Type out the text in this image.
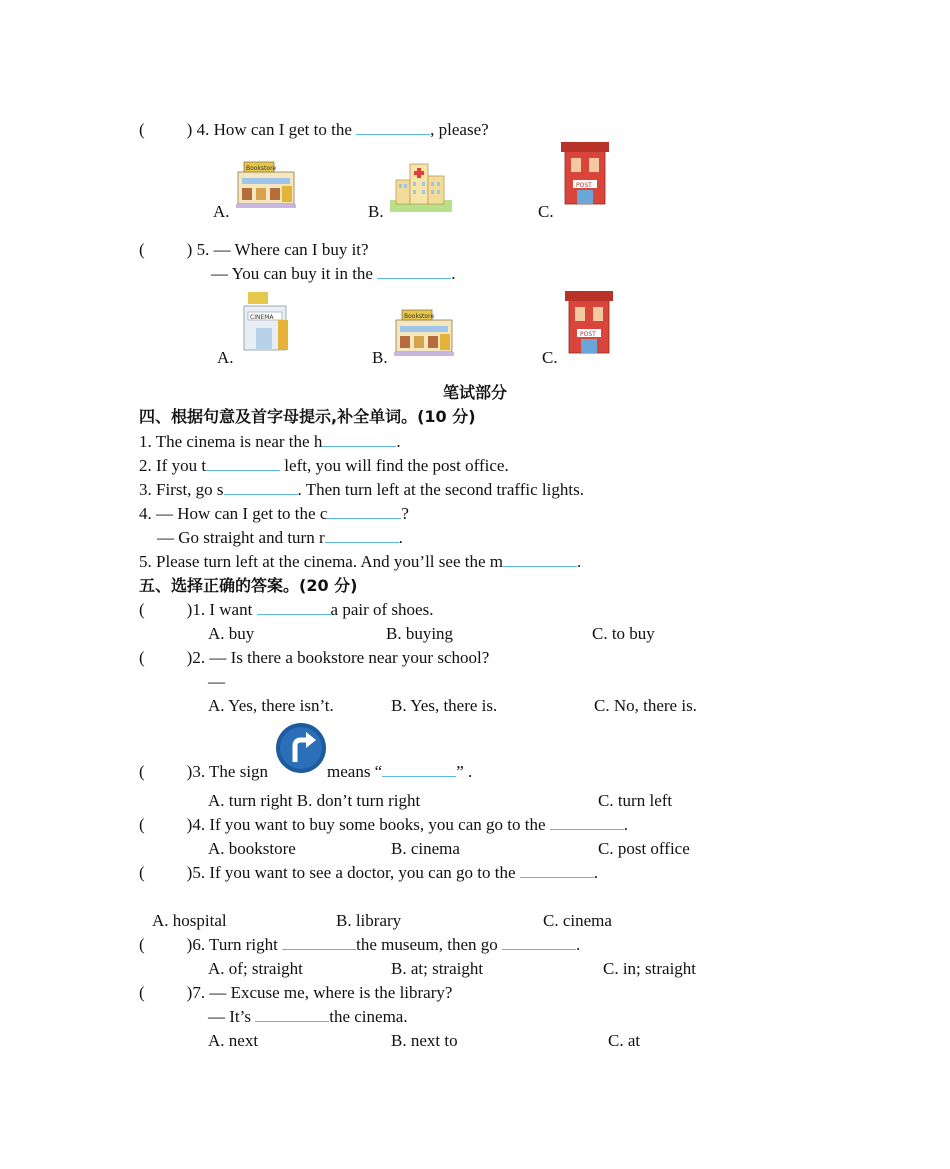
( ) 4. How can I get to the	, please?
A.	B.	C.
( ) 5. — Where can I buy it?
— You can buy it in the	.
A.
CINEMA
B.	C.
笔试部分
四、根据句意及首字母提示,补全单词。(10 分)
1. The cinema is near the h	.
2. If you t	left, you will find the post office.
3. First, go s	. Then turn left at the second traffic lights.
4. — How can I get to the c	?
— Go straight and turn r	.
5. Please turn left at the cinema. And you’ll see the m	.
五、选择正确的答案。(20 分)
( )1. I want	a pair of shoes.
A. buy	B. buying	C. to buy
( )2. — Is there a bookstore near your school?
—
A. Yes, there isn’t.	B. Yes, there is.	C. No, there is.
( )3. The sign	means “	” .
A. turn right B. don’t turn right	C. turn left
( )4. If you want to buy some books, you can go to the	.
A. bookstore	B. cinema	C. post office
( )5. If you want to see a doctor, you can go to the	.
A. hospital	B. library	C. cinema
( )6. Turn right	the museum, then go	.
A. of; straight	B. at; straight	C. in; straight
( )7. — Excuse me, where is the library?
— It’s	the cinema.
A. next	B. next to	C. at
